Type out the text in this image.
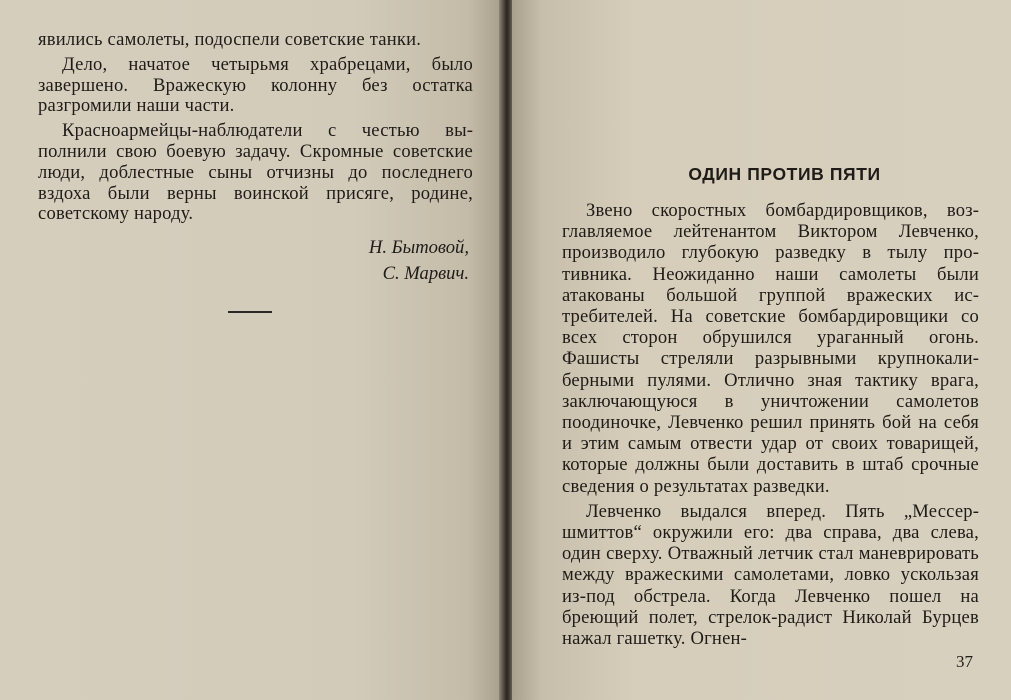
явились самолеты, подоспели советские танки.

Дело, начатое четырьмя храбрецами, было завершено. Вражескую колонну без остатка разгромили наши части.

Красноармейцы-наблюдатели с честью выполнили свою боевую задачу. Скромные советские люди, доблестные сыны отчизны до последнего вздоха были верны воинской присяге, родине, советскому народу.

Н. Бытовой,

С. Марвич.

ОДИН ПРОТИВ ПЯТИ

Звено скоростных бомбардировщиков, возглавляемое лейтенантом Виктором Левченко, производило глубокую разведку в тылу противника. Неожиданно наши самолеты были атакованы большой группой вражеских истребителей. На советские бомбардировщики со всех сторон обрушился ураганный огонь. Фашисты стреляли разрывными крупнокалиберными пулями. Отлично зная тактику врага, заключающуюся в уничтожении самолетов поодиночке, Левченко решил принять бой на себя и этим самым отвести удар от своих товарищей, которые должны были доставить в штаб срочные сведения о результатах разведки.

Левченко выдался вперед. Пять „Мессершмиттов“ окружили его: два справа, два слева, один сверху. Отважный летчик стал маневрировать между вражескими самолетами, ловко ускользая из-под обстрела. Когда Левченко пошел на бреющий полет, стрелок-радист Николай Бурцев нажал гашетку. Огнен-

37
